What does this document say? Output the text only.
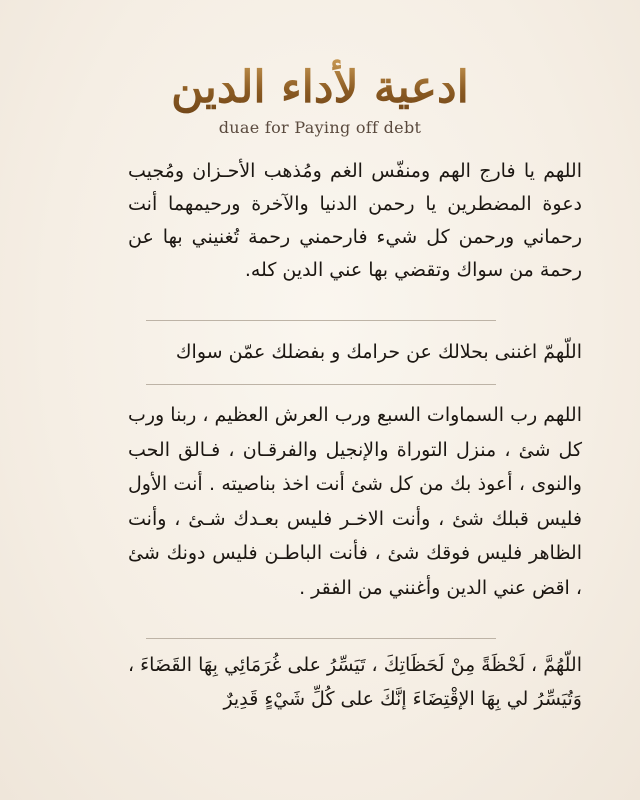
ادعية لأداء الدين
duae for Paying off debt
اللهم يا فارج الهم ومنفّس الغم ومُذهب الأحـزان ومُجيب دعوة المضطرين يا رحمن الدنيا والآخرة ورحيمهما أنت رحماني ورحمن كل شيء فارحمني رحمة تُغنيني بها عن رحمة من سواك وتقضي بها عني الدين كله.
اللّهمّ اغننى بحلالك عن حرامك و بفضلك عمّن سواك
اللهم رب السماوات السبع ورب العرش العظيم ، ربنا ورب كل شئ ، منزل التوراة والإنجيل والفرقـان ، فـالق الحب والنوى ، أعوذ بك من كل شئ أنت اخذ بناصيته . أنت الأول فليس قبلك شئ ، وأنت الاخـر فليس بعـدك شـئ ، وأنت الظاهر فليس فوقك شئ ، فأنت الباطـن فليس دونك شئ ، اقض عني الدين وأغنني من الفقر .
اللّهُمَّ ، لَحْظَةً مِنْ لَحَظَاتِكَ ، تَيَسِّرُ على غُرَمَائِي بِهَا القَضَاءَ ، وَتُيَسِّرُ لي بِهَا الإقْتِضَاءَ إنَّكَ على كُلِّ شَيْءٍ قَدِيرٌ
